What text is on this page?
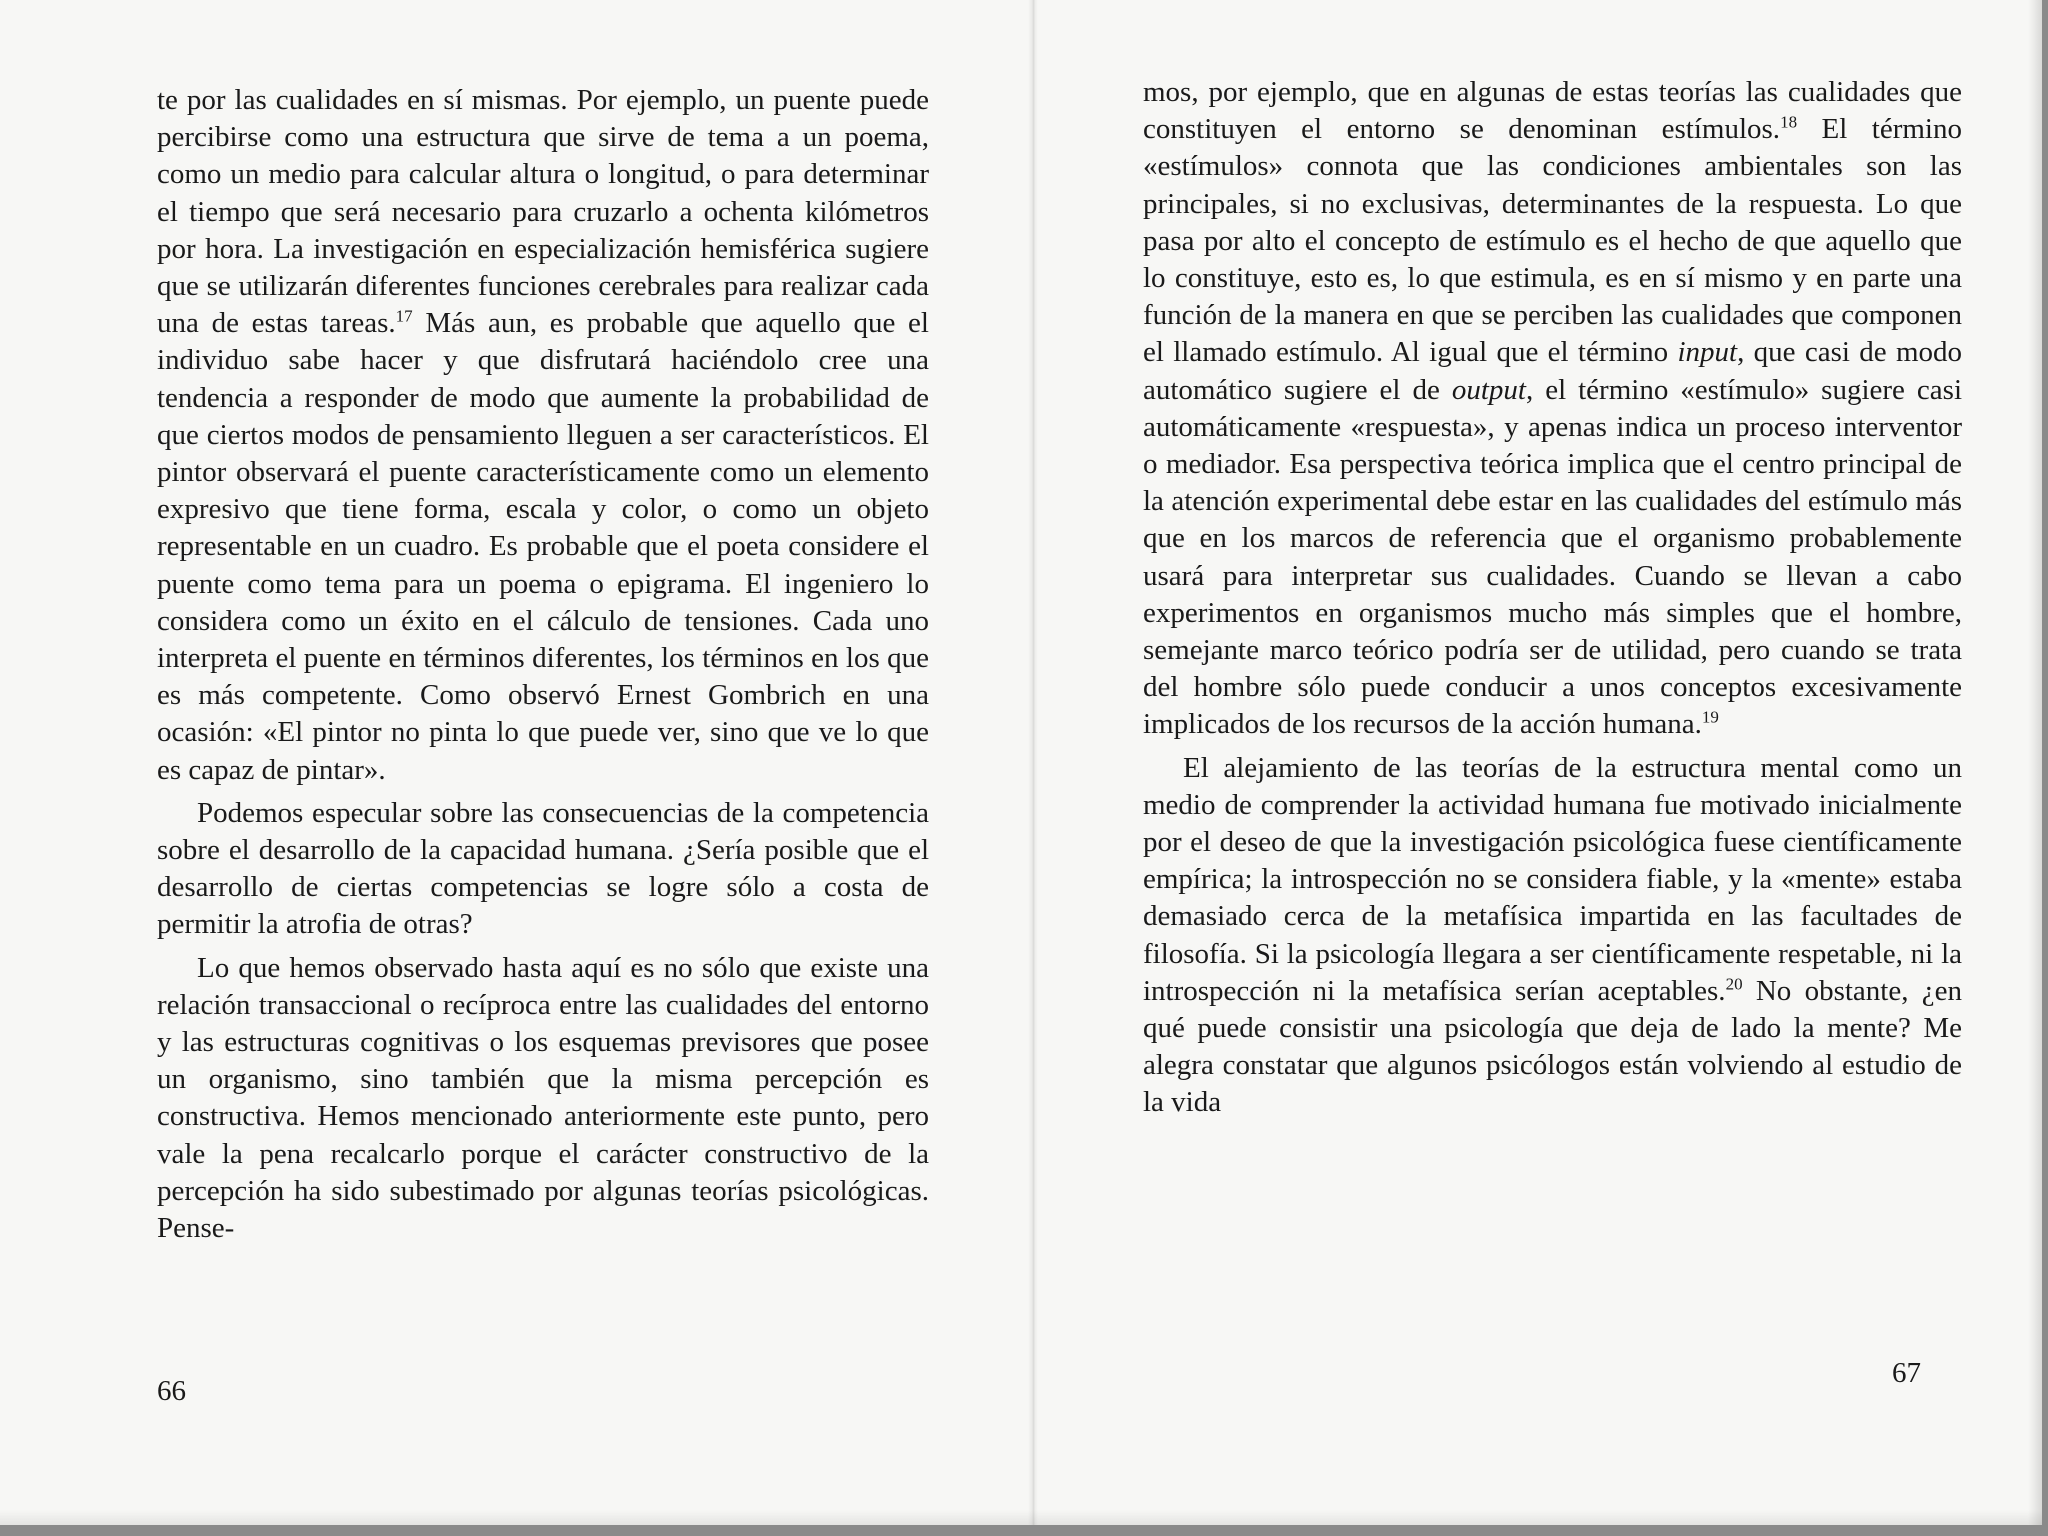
te por las cualidades en sí mismas. Por ejemplo, un puente puede percibirse como una estructura que sirve de tema a un poema, como un medio para calcular altura o longitud, o para determinar el tiempo que será necesario para cruzarlo a ochenta kilómetros por hora. La investigación en especialización hemisférica sugiere que se utilizarán diferentes funciones cerebrales para realizar cada una de estas tareas.$^{17}$ Más aun, es probable que aquello que el individuo sabe hacer y que disfrutará haciéndolo cree una tendencia a responder de modo que aumente la probabilidad de que ciertos modos de pensamiento lleguen a ser característicos. El pintor observará el puente característicamente como un elemento expresivo que tiene forma, escala y color, o como un objeto representable en un cuadro. Es probable que el poeta considere el puente como tema para un poema o epigrama. El ingeniero lo considera como un éxito en el cálculo de tensiones. Cada uno interpreta el puente en términos diferentes, los términos en los que es más competente. Como observó Ernest Gombrich en una ocasión: «El pintor no pinta lo que puede ver, sino que ve lo que es capaz de pintar».

Podemos especular sobre las consecuencias de la competencia sobre el desarrollo de la capacidad humana. ¿Sería posible que el desarrollo de ciertas competencias se logre sólo a costa de permitir la atrofia de otras?

Lo que hemos observado hasta aquí es no sólo que existe una relación transaccional o recíproca entre las cualidades del entorno y las estructuras cognitivas o los esquemas previsores que posee un organismo, sino también que la misma percepción es constructiva. Hemos mencionado anteriormente este punto, pero vale la pena recalcarlo porque el carácter constructivo de la percepción ha sido subestimado por algunas teorías psicológicas. Pense-

66

mos, por ejemplo, que en algunas de estas teorías las cualidades que constituyen el entorno se denominan estímulos.$^{18}$ El término «estímulos» connota que las condiciones ambientales son las principales, si no exclusivas, determinantes de la respuesta. Lo que pasa por alto el concepto de estímulo es el hecho de que aquello que lo constituye, esto es, lo que estimula, es en sí mismo y en parte una función de la manera en que se perciben las cualidades que componen el llamado estímulo. Al igual que el término input, que casi de modo automático sugiere el de output, el término «estímulo» sugiere casi automáticamente «respuesta», y apenas indica un proceso interventor o mediador. Esa perspectiva teórica implica que el centro principal de la atención experimental debe estar en las cualidades del estímulo más que en los marcos de referencia que el organismo probablemente usará para interpretar sus cualidades. Cuando se llevan a cabo experimentos en organismos mucho más simples que el hombre, semejante marco teórico podría ser de utilidad, pero cuando se trata del hombre sólo puede conducir a unos conceptos excesivamente implicados de los recursos de la acción humana.$^{19}$

El alejamiento de las teorías de la estructura mental como un medio de comprender la actividad humana fue motivado inicialmente por el deseo de que la investigación psicológica fuese científicamente empírica; la introspección no se considera fiable, y la «mente» estaba demasiado cerca de la metafísica impartida en las facultades de filosofía. Si la psicología llegara a ser científicamente respetable, ni la introspección ni la metafísica serían aceptables.$^{20}$ No obstante, ¿en qué puede consistir una psicología que deja de lado la mente? Me alegra constatar que algunos psicólogos están volviendo al estudio de la vida

67
